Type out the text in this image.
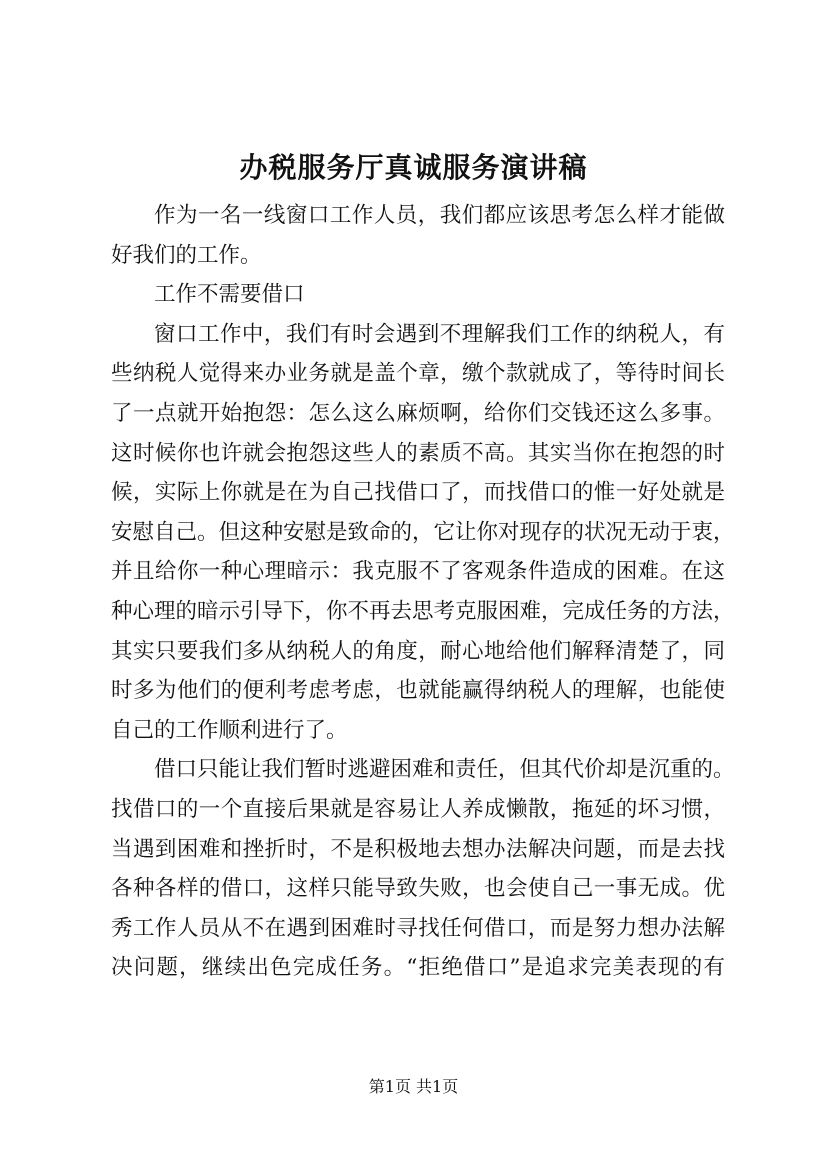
办税服务厅真诚服务演讲稿

作为一名一线窗口工作人员，我们都应该思考怎么样才能做
好我们的工作。

工作不需要借口

窗口工作中，我们有时会遇到不理解我们工作的纳税人，有
些纳税人觉得来办业务就是盖个章，缴个款就成了，等待时间长
了一点就开始抱怨：怎么这么麻烦啊，给你们交钱还这么多事。
这时候你也许就会抱怨这些人的素质不高。其实当你在抱怨的时
候，实际上你就是在为自己找借口了，而找借口的惟一好处就是
安慰自己。但这种安慰是致命的，它让你对现存的状况无动于衷，
并且给你一种心理暗示：我克服不了客观条件造成的困难。在这
种心理的暗示引导下，你不再去思考克服困难，完成任务的方法，
其实只要我们多从纳税人的角度，耐心地给他们解释清楚了，同
时多为他们的便利考虑考虑，也就能赢得纳税人的理解，也能使
自己的工作顺利进行了。

借口只能让我们暂时逃避困难和责任，但其代价却是沉重的。
找借口的一个直接后果就是容易让人养成懒散，拖延的坏习惯，
当遇到困难和挫折时，不是积极地去想办法解决问题，而是去找
各种各样的借口，这样只能导致失败，也会使自己一事无成。优
秀工作人员从不在遇到困难时寻找任何借口，而是努力想办法解
决问题，继续出色完成任务。“拒绝借口”是追求完美表现的有

第1页 共1页
